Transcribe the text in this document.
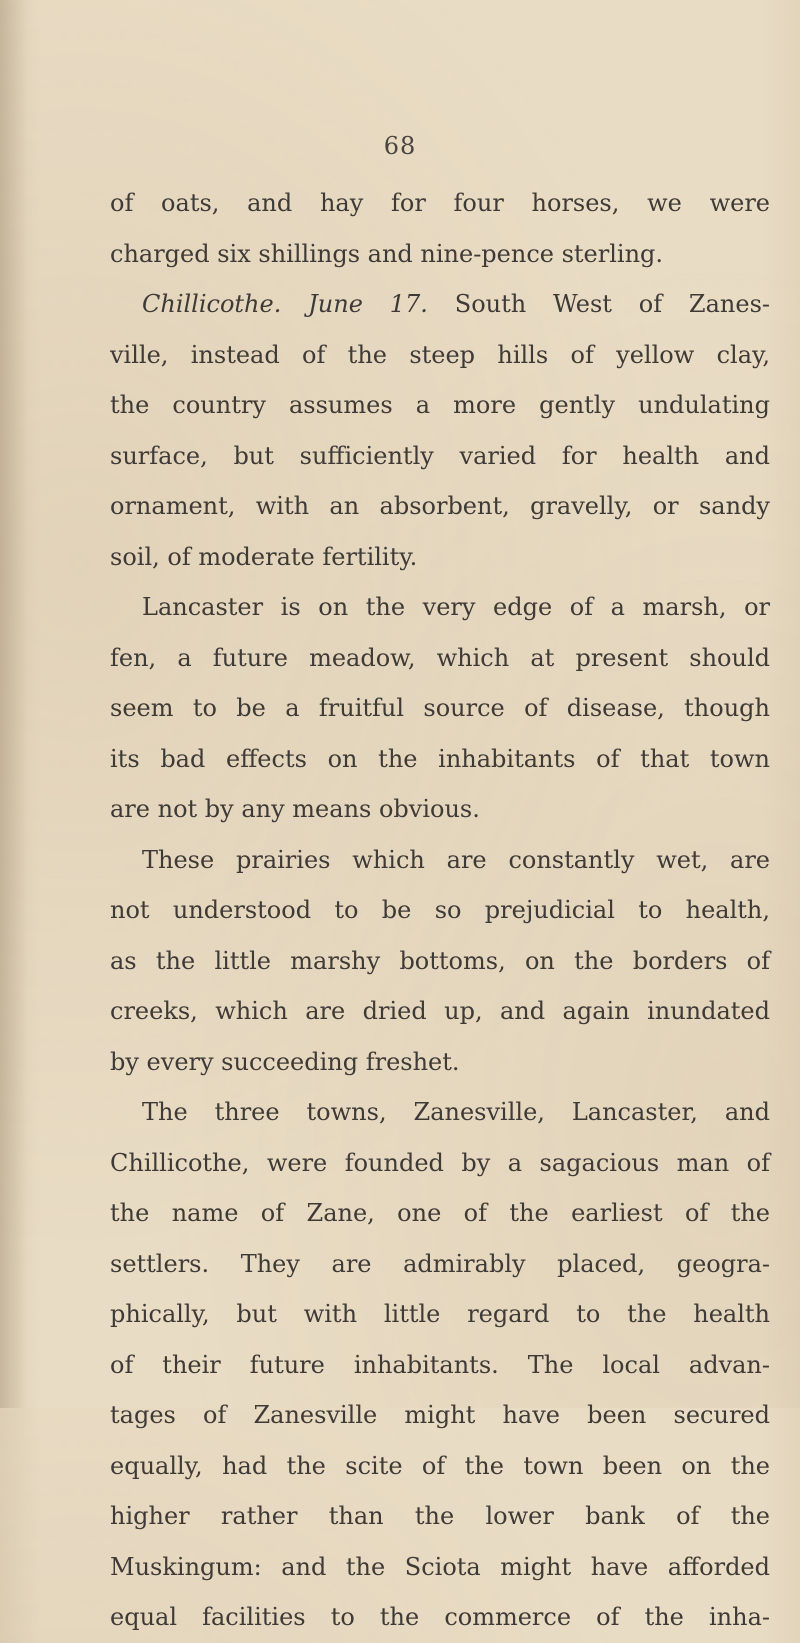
68
of oats, and hay for four horses, we were
charged six shillings and nine-pence sterling.
Chillicothe. June 17. South West of Zanes-
ville, instead of the steep hills of yellow clay,
the country assumes a more gently undulating
surface, but sufficiently varied for health and
ornament, with an absorbent, gravelly, or sandy
soil, of moderate fertility.
Lancaster is on the very edge of a marsh, or
fen, a future meadow, which at present should
seem to be a fruitful source of disease, though
its bad effects on the inhabitants of that town
are not by any means obvious.
These prairies which are constantly wet, are
not understood to be so prejudicial to health,
as the little marshy bottoms, on the borders of
creeks, which are dried up, and again inundated
by every succeeding freshet.
The three towns, Zanesville, Lancaster, and
Chillicothe, were founded by a sagacious man of
the name of Zane, one of the earliest of the
settlers. They are admirably placed, geogra-
phically, but with little regard to the health
of their future inhabitants. The local advan-
tages of Zanesville might have been secured
equally, had the scite of the town been on the
higher rather than the lower bank of the
Muskingum: and the Sciota might have afforded
equal facilities to the commerce of the inha-
